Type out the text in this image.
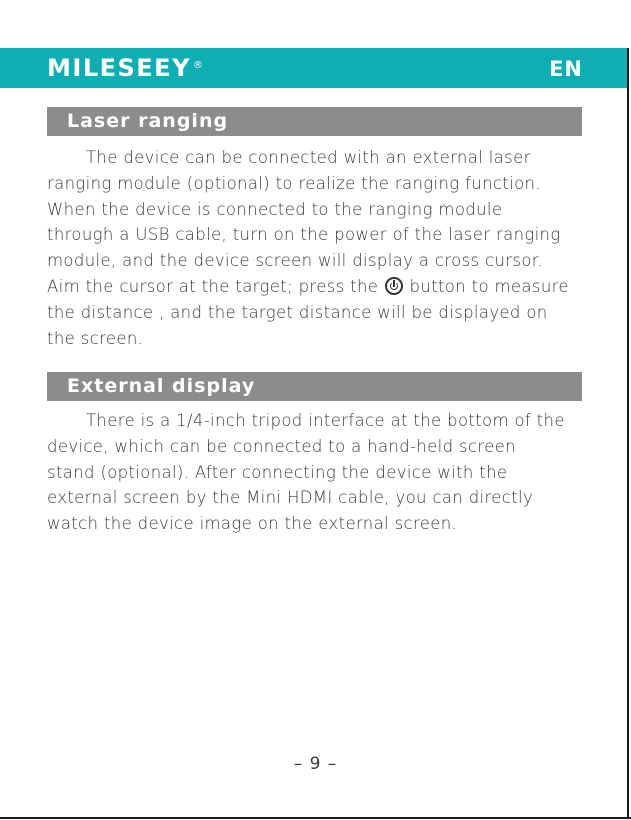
MILESEEY ®	EN
Laser ranging
The device can be connected with an external laser
ranging module (optional) to realize the ranging function.
When the device is connected to the ranging module
through a USB cable, turn on the power of the laser ranging
module, and the device screen will display a cross cursor.
Aim the cursor at the target; press the button to measure
the distance , and the target distance will be displayed on
the screen.
External display
There is a 1/4-inch tripod interface at the bottom of the
device, which can be connected to a hand-held screen
stand (optional). After connecting the device with the
external screen by the Mini HDMI cable, you can directly
watch the device image on the external screen.
– 9 –
